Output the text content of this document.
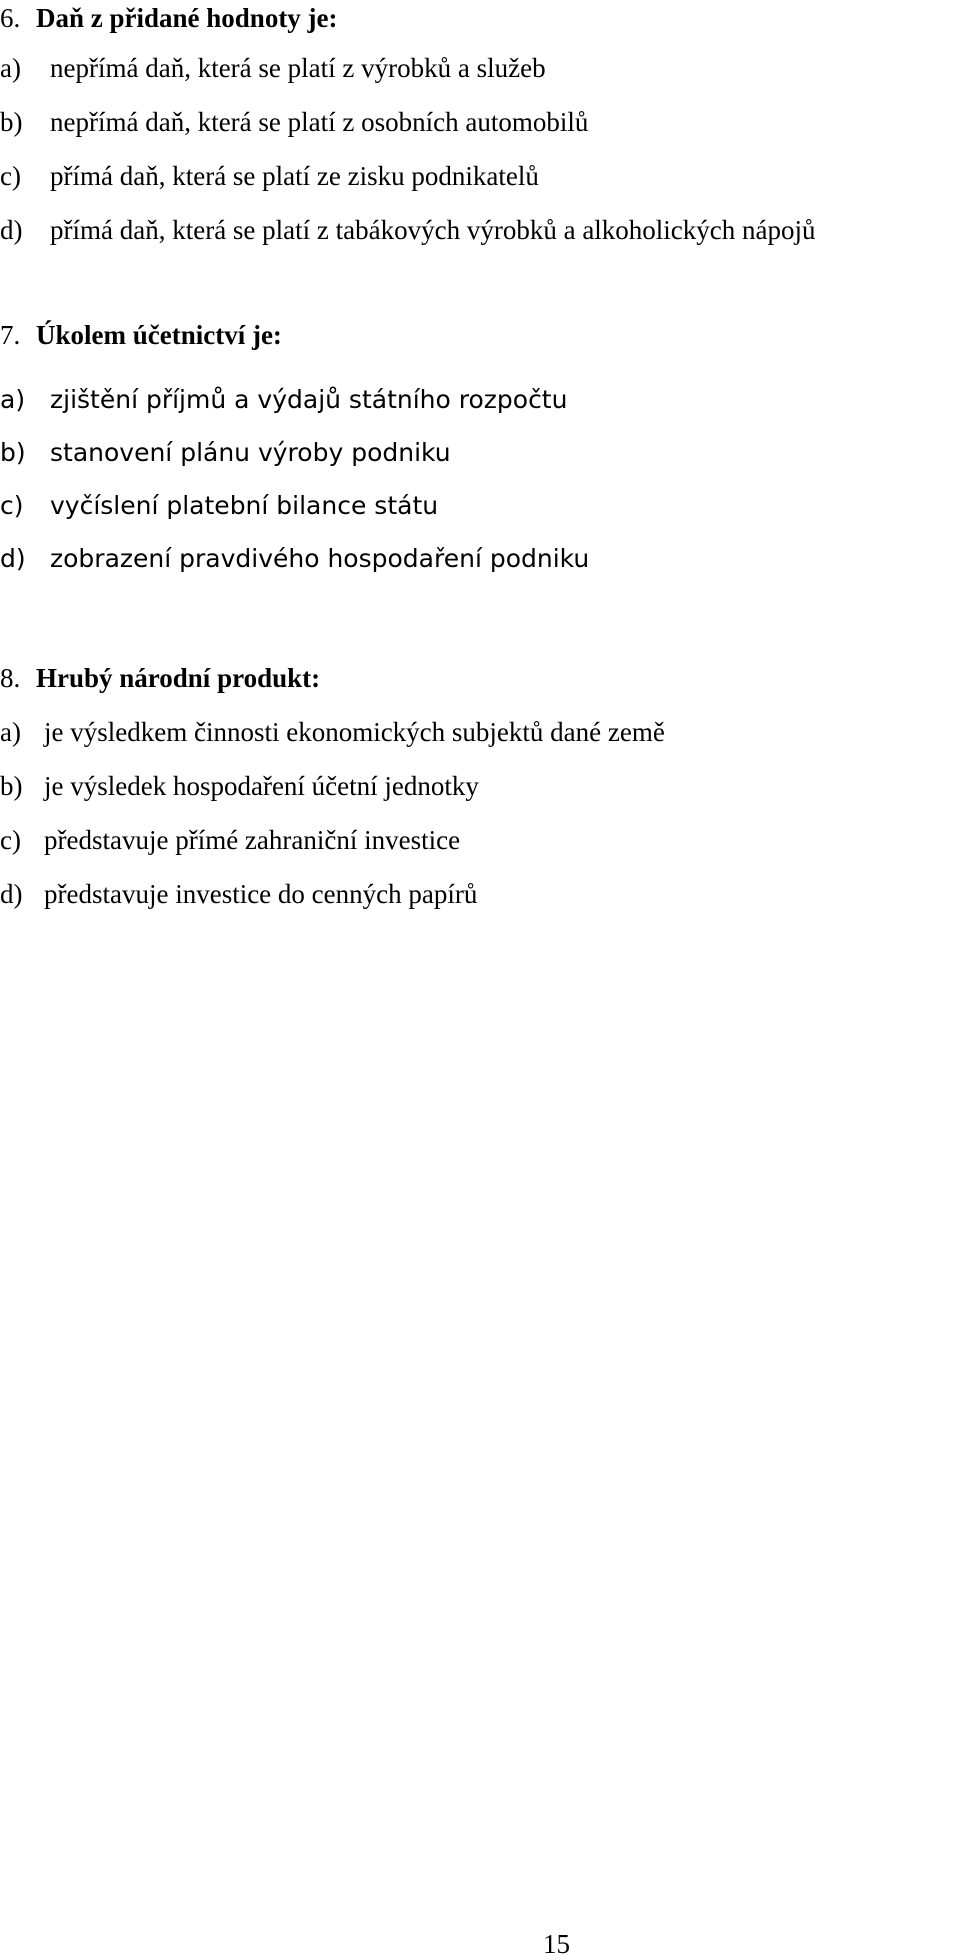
6. Daň z přidané hodnoty je:
a) nepřímá daň, která se platí z výrobků a služeb
b) nepřímá daň, která se platí z osobních automobilů
c) přímá daň, která se platí ze zisku podnikatelů
d) přímá daň, která se platí z tabákových výrobků a alkoholických nápojů
7. Úkolem účetnictví je:
a) zjištění příjmů a výdajů státního rozpočtu
b) stanovení plánu výroby podniku
c) vyčíslení platební bilance státu
d) zobrazení pravdivého hospodaření podniku
8. Hrubý národní produkt:
a) je výsledkem činnosti ekonomických subjektů dané země
b) je výsledek hospodaření účetní jednotky
c) představuje přímé zahraniční investice
d) představuje investice do cenných papírů
15
